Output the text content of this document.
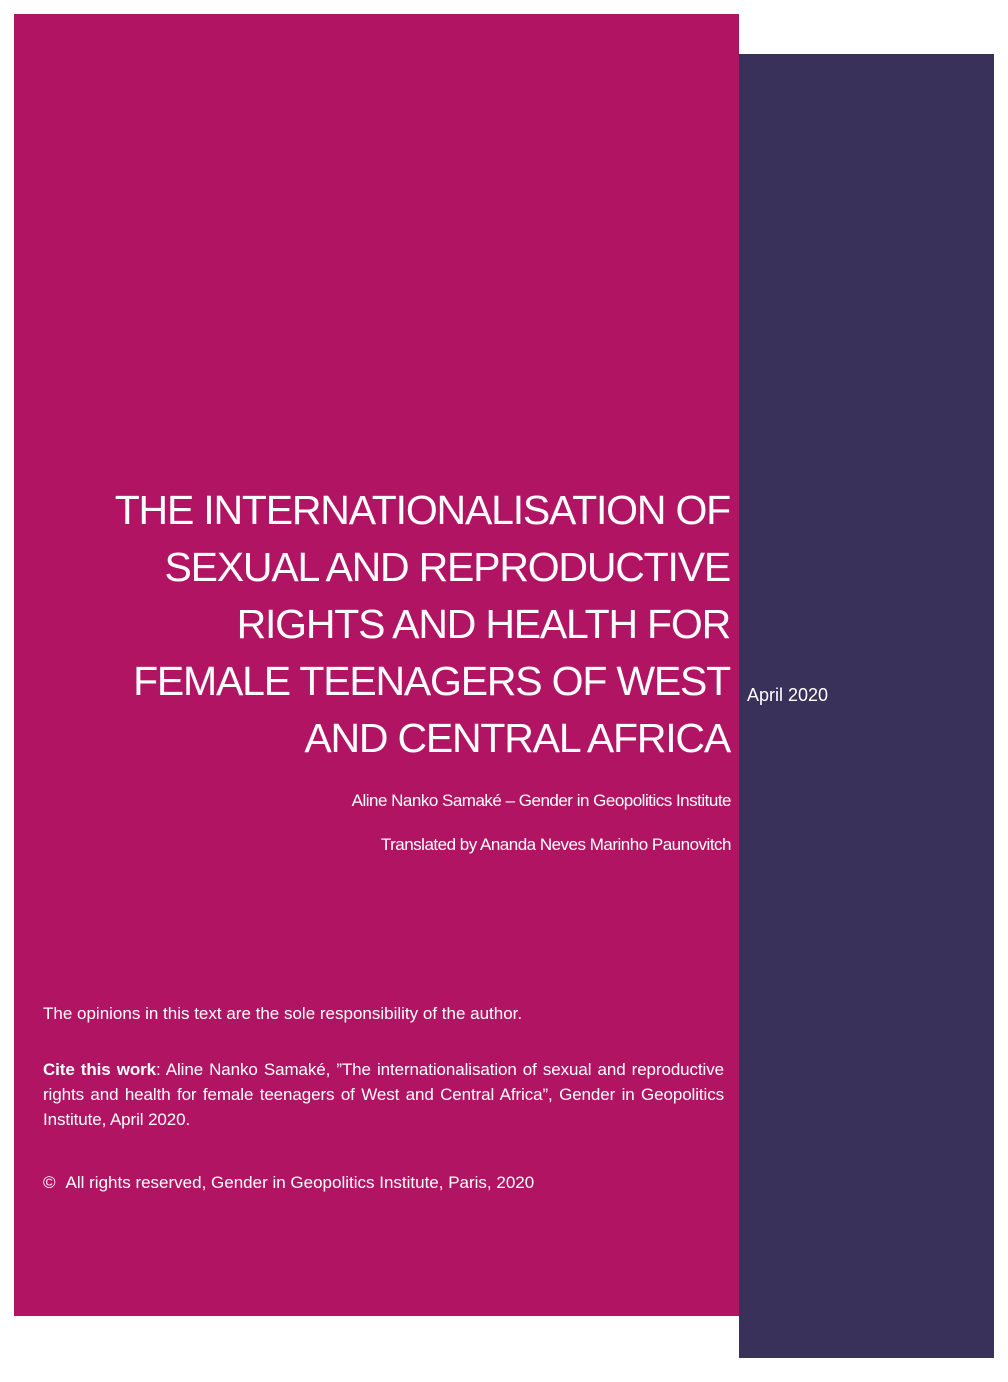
THE INTERNATIONALISATION OF
SEXUAL AND REPRODUCTIVE
RIGHTS AND HEALTH FOR
FEMALE TEENAGERS OF WEST
AND CENTRAL AFRICA
Aline Nanko Samaké – Gender in Geopolitics Institute
Translated by Ananda Neves Marinho Paunovitch
April 2020

The opinions in this text are the sole responsibility of the author.

Cite this work: Aline Nanko Samaké, ”The internationalisation of sexual and reproductive rights and health for female teenagers of West and Central Africa”, Gender in Geopolitics Institute, April 2020.

© All rights reserved, Gender in Geopolitics Institute, Paris, 2020
